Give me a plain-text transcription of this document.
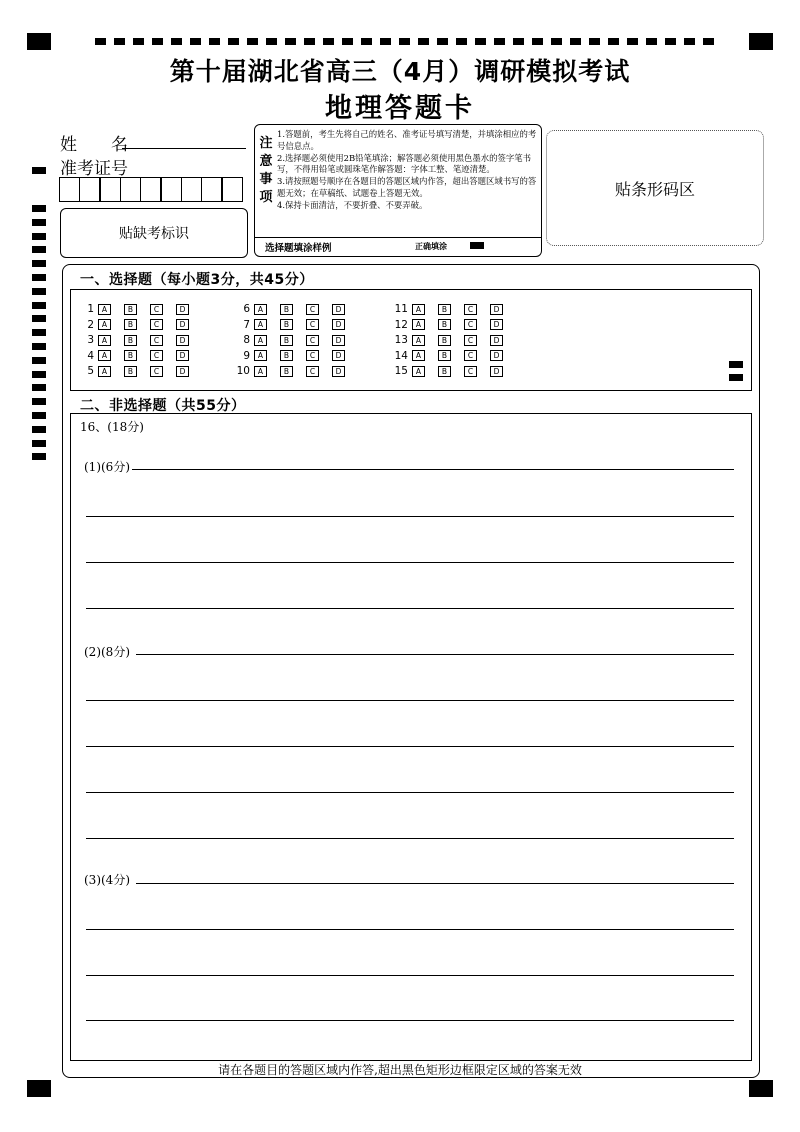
第十届湖北省高三（4月）调研模拟考试
地理答题卡
姓　　名
准考证号
贴缺考标识
注
意
事
项
1.答题前，考生先将自己的姓名、准考证号填写清楚，并填涂相应的考号信息点。
2.选择题必须使用2B铅笔填涂；解答题必须使用黑色墨水的签字笔书写，不得用铅笔或圆珠笔作解答题：字体工整、笔迹清楚。
3.请按照题号顺序在各题目的答题区域内作答，超出答题区域书写的答题无效；在草稿纸、试题卷上答题无效。
4.保持卡面清洁，不要折叠、不要弄破。
选择题填涂样例	正确填涂
贴条形码区
一、选择题（每小题3分，共45分）
1	A	B	C	D
2	A	B	C	D
3	A	B	C	D
4	A	B	C	D
5	A	B	C	D
6	A	B	C	D
7	A	B	C	D
8	A	B	C	D
9	A	B	C	D
10	A	B	C	D
11	A	B	C	D
12	A	B	C	D
13	A	B	C	D
14	A	B	C	D
15	A	B	C	D
二、非选择题（共55分）
16、(18分)
(1)(6分)
(2)(8分)
(3)(4分)
请在各题目的答题区域内作答,超出黑色矩形边框限定区域的答案无效
